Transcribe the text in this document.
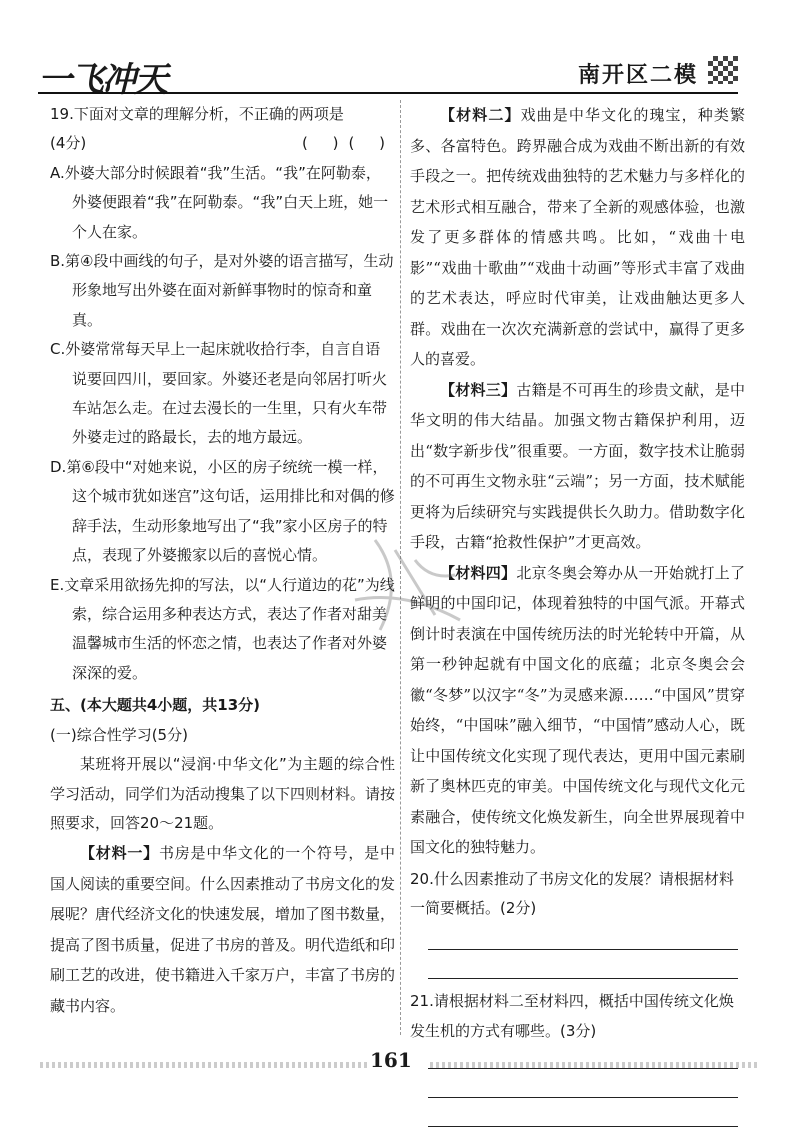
一飞冲天	南开区二模
19.下面对文章的理解分析，不正确的两项是
(4分)	( )( )
A.外婆大部分时候跟着“我”生活。“我”在阿勒泰，外婆便跟着“我”在阿勒泰。“我”白天上班，她一个人在家。
B.第④段中画线的句子，是对外婆的语言描写，生动形象地写出外婆在面对新鲜事物时的惊奇和童真。
C.外婆常常每天早上一起床就收拾行李，自言自语说要回四川，要回家。外婆还老是向邻居打听火车站怎么走。在过去漫长的一生里，只有火车带外婆走过的路最长，去的地方最远。
D.第⑥段中“对她来说，小区的房子统统一模一样，这个城市犹如迷宫”这句话，运用排比和对偶的修辞手法，生动形象地写出了“我”家小区房子的特点，表现了外婆搬家以后的喜悦心情。
E.文章采用欲扬先抑的写法，以“人行道边的花”为线索，综合运用多种表达方式，表达了作者对甜美温馨城市生活的怀恋之情，也表达了作者对外婆深深的爱。
五、(本大题共4小题，共13分)
(一)综合性学习(5分)
某班将开展以“浸润·中华文化”为主题的综合性学习活动，同学们为活动搜集了以下四则材料。请按照要求，回答20～21题。
【材料一】书房是中华文化的一个符号，是中国人阅读的重要空间。什么因素推动了书房文化的发展呢？唐代经济文化的快速发展，增加了图书数量，提高了图书质量，促进了书房的普及。明代造纸和印刷工艺的改进，使书籍进入千家万户，丰富了书房的藏书内容。
【材料二】戏曲是中华文化的瑰宝，种类繁多、各富特色。跨界融合成为戏曲不断出新的有效手段之一。把传统戏曲独特的艺术魅力与多样化的艺术形式相互融合，带来了全新的观感体验，也激发了更多群体的情感共鸣。比如，“戏曲十电影”“戏曲十歌曲”“戏曲十动画”等形式丰富了戏曲的艺术表达，呼应时代审美，让戏曲触达更多人群。戏曲在一次次充满新意的尝试中，赢得了更多人的喜爱。
【材料三】古籍是不可再生的珍贵文献，是中华文明的伟大结晶。加强文物古籍保护利用，迈出“数字新步伐”很重要。一方面，数字技术让脆弱的不可再生文物永驻“云端”；另一方面，技术赋能更将为后续研究与实践提供长久助力。借助数字化手段，古籍“抢救性保护”才更高效。
【材料四】北京冬奥会筹办从一开始就打上了鲜明的中国印记，体现着独特的中国气派。开幕式倒计时表演在中国传统历法的时光轮转中开篇，从第一秒钟起就有中国文化的底蕴；北京冬奥会会徽“冬梦”以汉字“冬”为灵感来源……“中国风”贯穿始终，“中国味”融入细节，“中国情”感动人心，既让中国传统文化实现了现代表达，更用中国元素刷新了奥林匹克的审美。中国传统文化与现代文化元素融合，使传统文化焕发新生，向全世界展现着中国文化的独特魅力。
20.什么因素推动了书房文化的发展？请根据材料一简要概括。(2分)
21.请根据材料二至材料四，概括中国传统文化焕发生机的方式有哪些。(3分)
161
